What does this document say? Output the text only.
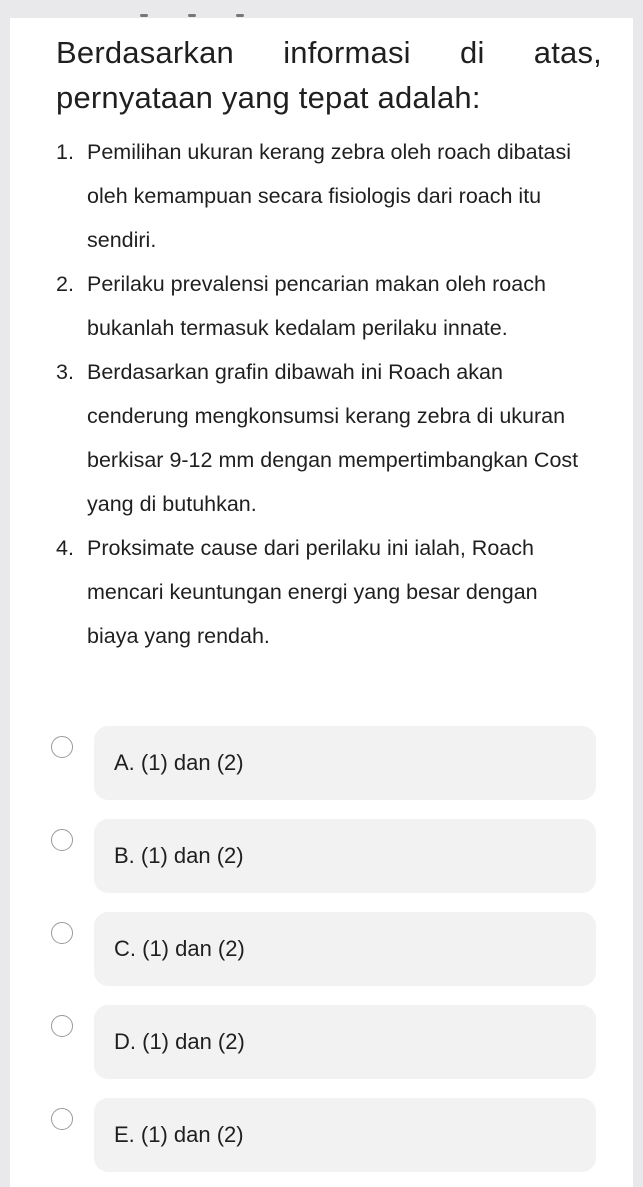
Berdasarkan informasi di atas, pernyataan yang tepat adalah:
1. Pemilihan ukuran kerang zebra oleh roach dibatasi oleh kemampuan secara fisiologis dari roach itu sendiri.
2. Perilaku prevalensi pencarian makan oleh roach bukanlah termasuk kedalam perilaku innate.
3. Berdasarkan grafin dibawah ini Roach akan cenderung mengkonsumsi kerang zebra di ukuran berkisar 9-12 mm dengan mempertimbangkan Cost yang di butuhkan.
4. Proksimate cause dari perilaku ini ialah, Roach mencari keuntungan energi yang besar dengan biaya yang rendah.
A. (1) dan (2)
B. (1) dan (2)
C. (1) dan (2)
D. (1) dan (2)
E. (1) dan (2)
